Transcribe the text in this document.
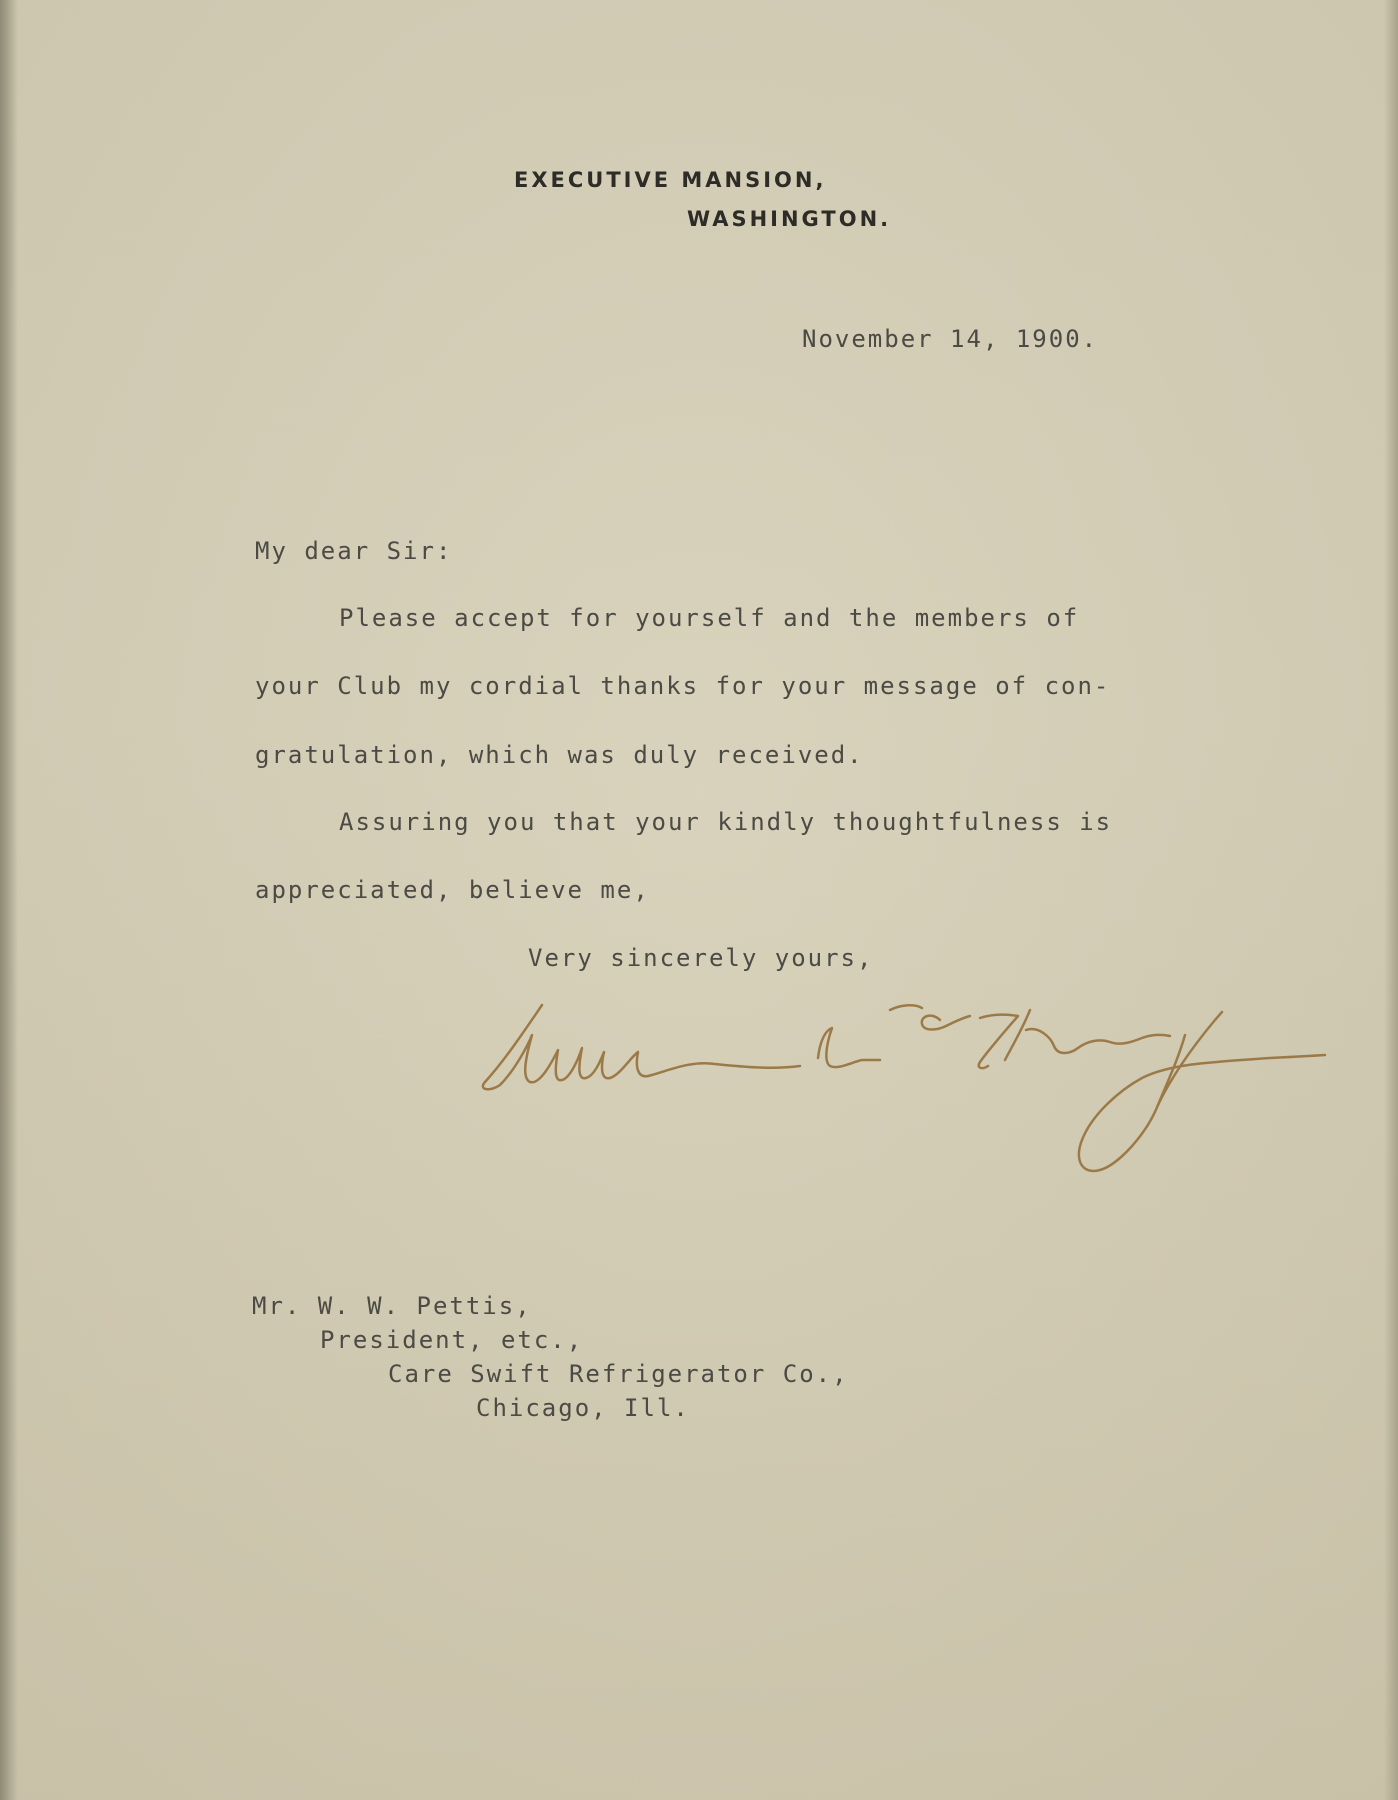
EXECUTIVE MANSION,
WASHINGTON.
November 14, 1900.
My dear Sir:
Please accept for yourself and the members of
your Club my cordial thanks for your message of con-
gratulation, which was duly received.
Assuring you that your kindly thoughtfulness is
appreciated, believe me,
Very sincerely yours,
Mr. W. W. Pettis,
President, etc.,
Care Swift Refrigerator Co.,
Chicago, Ill.
